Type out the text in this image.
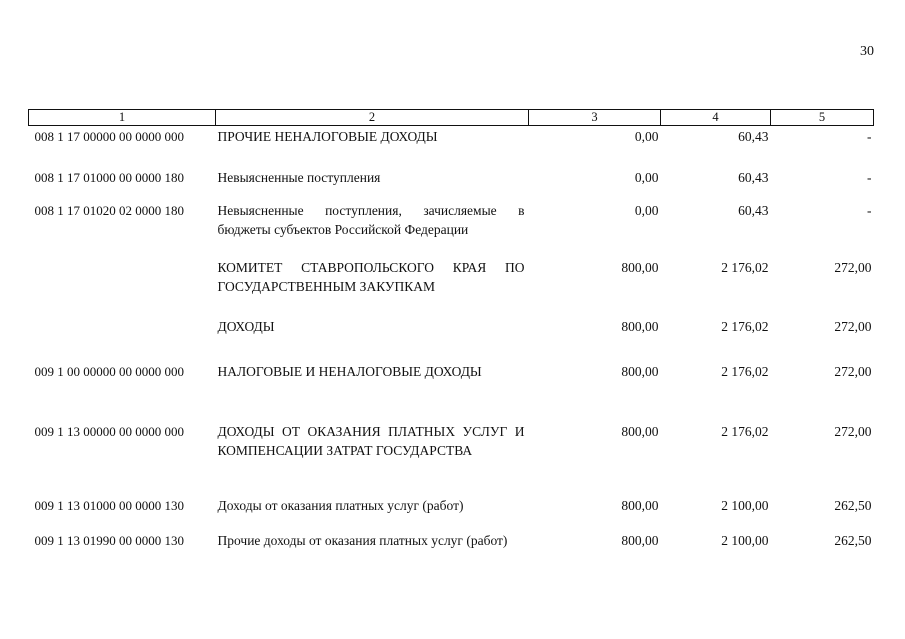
30
1	2	3	4	5
008 1 17 00000 00 0000 000	ПРОЧИЕ НЕНАЛОГОВЫЕ ДОХОДЫ	0,00	60,43	-
008 1 17 01000 00 0000 180	Невыясненные поступления	0,00	60,43	-
008 1 17 01020 02 0000 180	Невыясненные поступления, зачисляемые в бюджеты субъектов Российской Федерации	0,00	60,43	-
	КОМИТЕТ СТАВРОПОЛЬСКОГО КРАЯ ПО ГОСУДАРСТВЕННЫМ ЗАКУПКАМ	800,00	2 176,02	272,00
	ДОХОДЫ	800,00	2 176,02	272,00
009 1 00 00000 00 0000 000	НАЛОГОВЫЕ И НЕНАЛОГОВЫЕ ДОХОДЫ	800,00	2 176,02	272,00
009 1 13 00000 00 0000 000	ДОХОДЫ ОТ ОКАЗАНИЯ ПЛАТНЫХ УСЛУГ И КОМПЕНСАЦИИ ЗАТРАТ ГОСУДАРСТВА	800,00	2 176,02	272,00
009 1 13 01000 00 0000 130	Доходы от оказания платных услуг (работ)	800,00	2 100,00	262,50
009 1 13 01990 00 0000 130	Прочие доходы от оказания платных услуг (работ)	800,00	2 100,00	262,50
